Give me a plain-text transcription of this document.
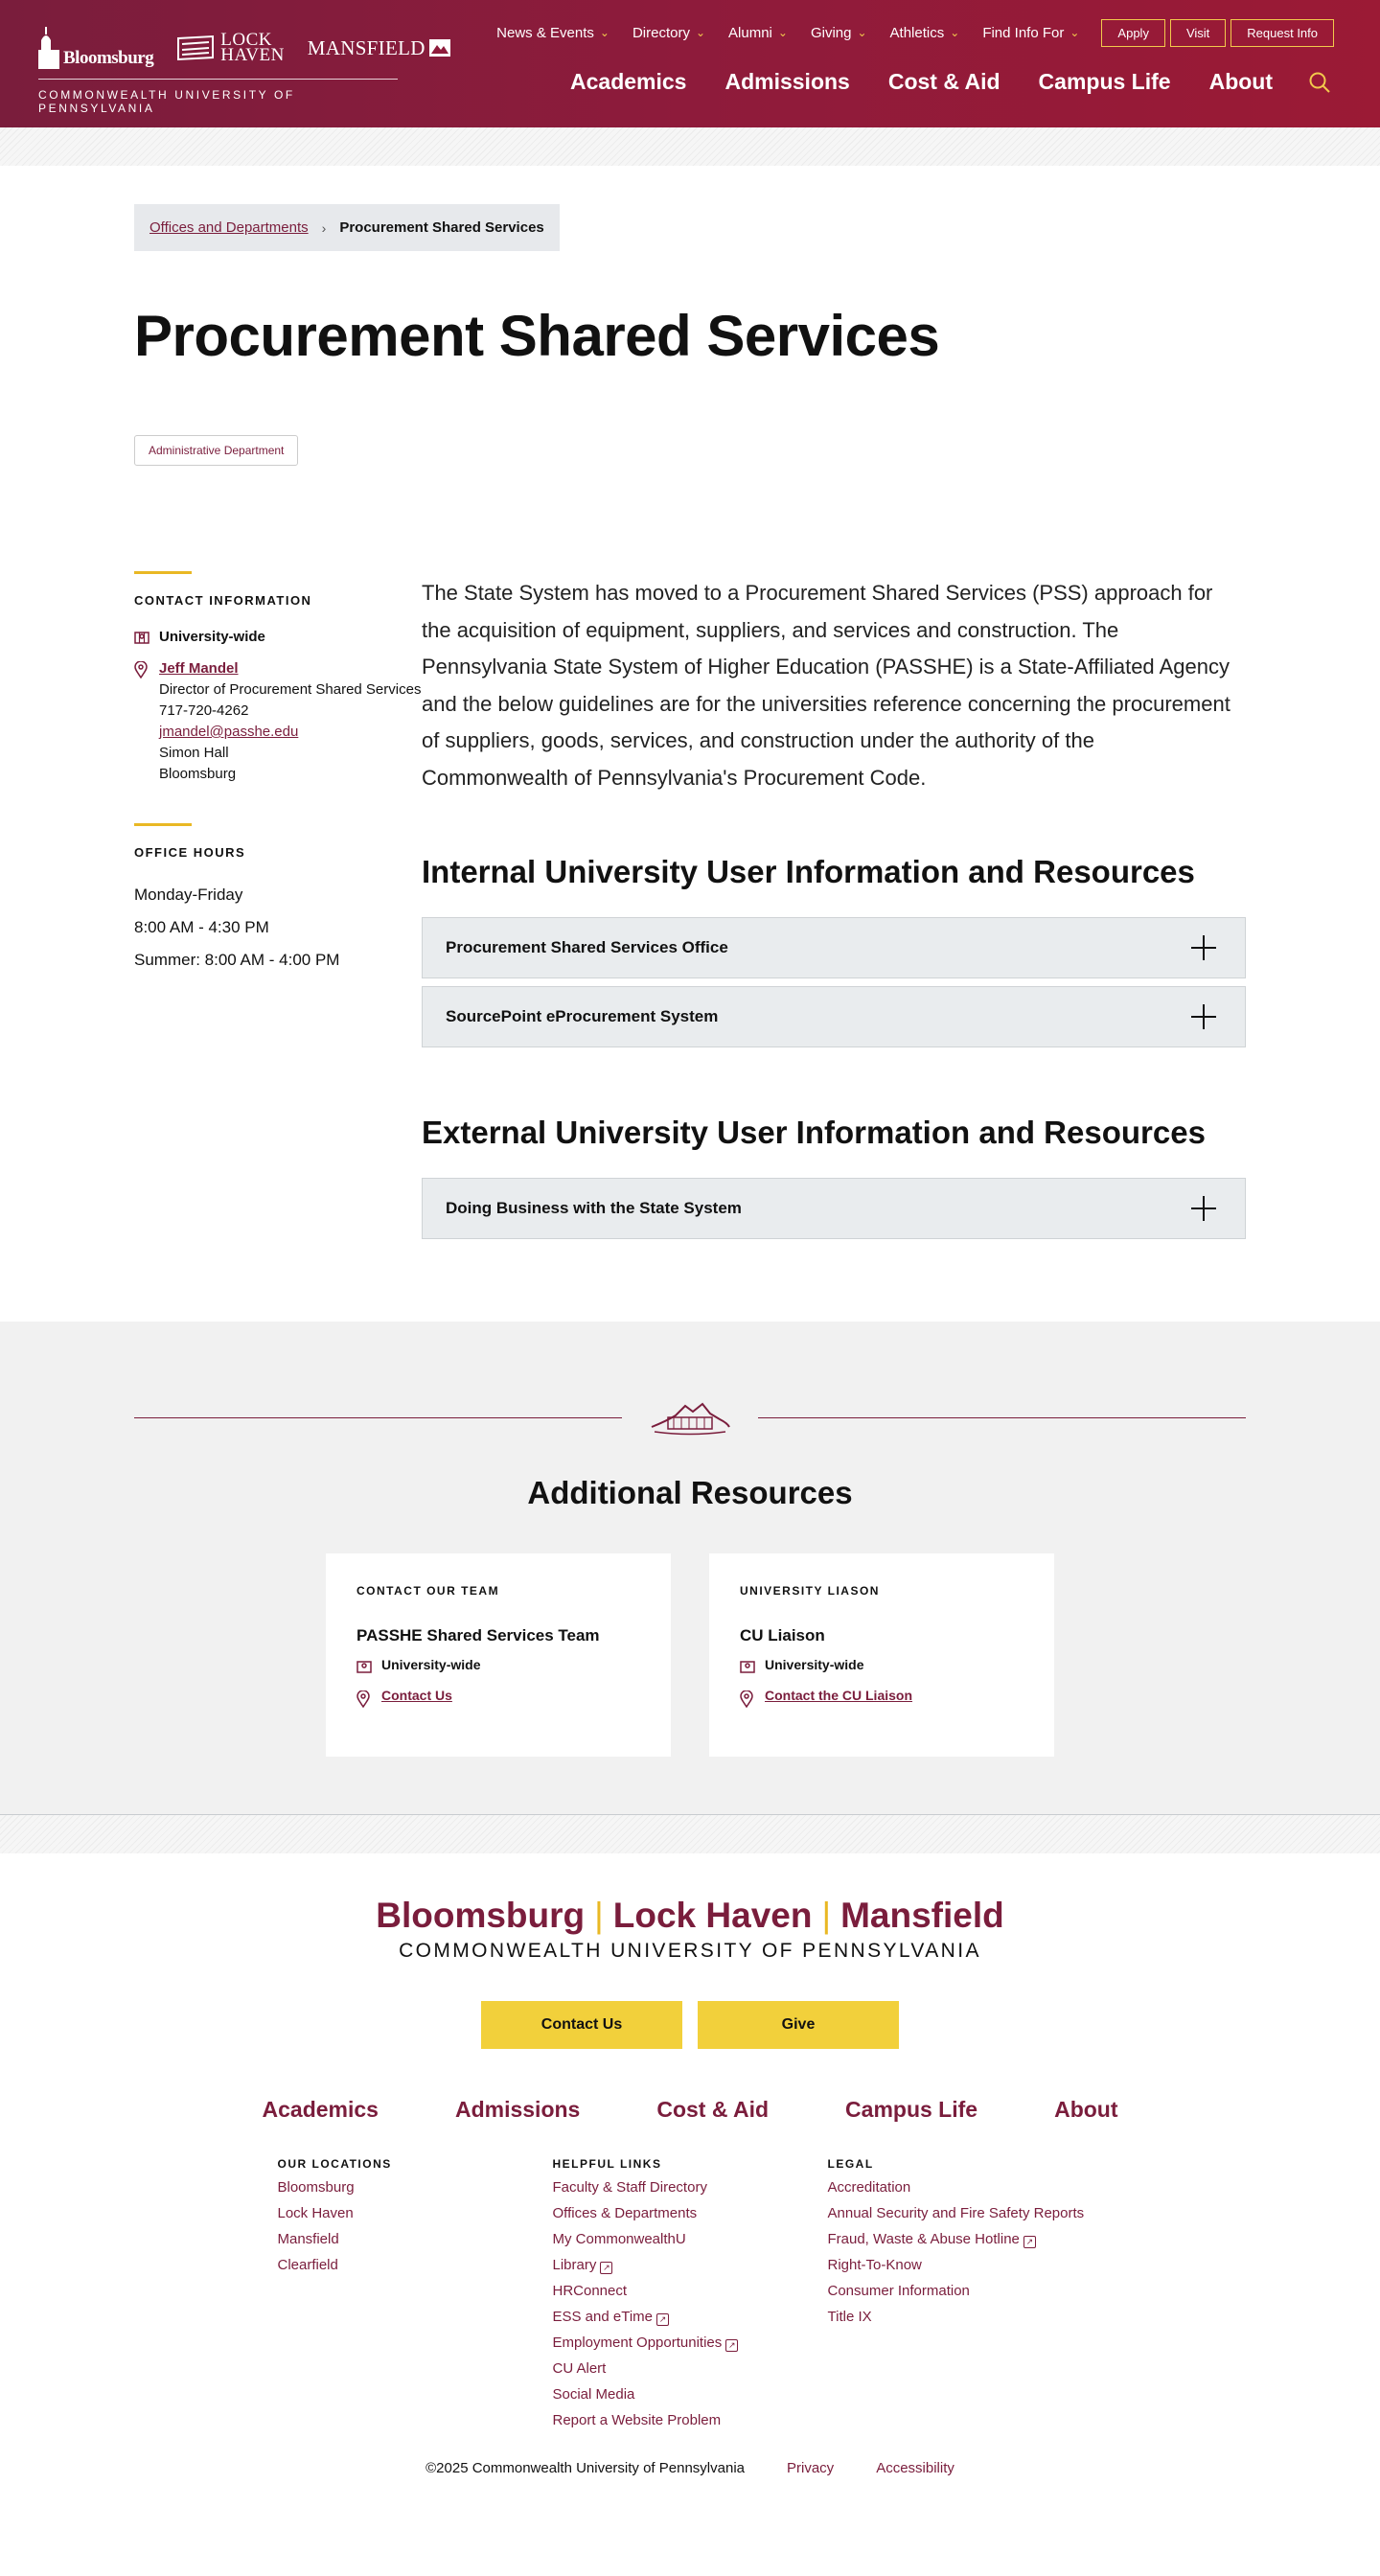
Bloomsburg
LOCK
HAVEN MANSFIELD
COMMONWEALTH UNIVERSITY OF PENNSYLVANIA
News & Events ⌄ Directory ⌄ Alumni ⌄ Giving ⌄ Athletics ⌄ Find Info For ⌄	Apply	Visit	Request Info
Academics Admissions Cost & Aid Campus Life About
Offices and Departments › Procurement Shared Services
Procurement Shared Services
Administrative Department
CONTACT INFORMATION
University-wide
Jeff Mandel
Director of Procurement Shared Services
717-720-4262
jmandel@passhe.edu
Simon Hall
Bloomsburg
OFFICE HOURS
Monday-Friday
8:00 AM - 4:30 PM
Summer: 8:00 AM - 4:00 PM

The State System has moved to a Procurement Shared Services (PSS) approach for the acquisition of equipment, suppliers, and services and construction. The Pennsylvania State System of Higher Education (PASSHE) is a State-Affiliated Agency and the below guidelines are for the universities reference concerning the procurement of suppliers, goods, services, and construction under the authority of the Commonwealth of Pennsylvania's Procurement Code.

Internal University User Information and Resources
Procurement Shared Services Office
SourcePoint eProcurement System
External University User Information and Resources
Doing Business with the State System
Additional Resources
CONTACT OUR TEAM
PASSHE Shared Services Team
University-wide
Contact Us
UNIVERSITY LIASON
CU Liaison
University-wide
Contact the CU Liaison
Bloomsburg | Lock Haven | Mansfield
COMMONWEALTH UNIVERSITY OF PENNSYLVANIA
Contact Us	Give
Academics	Admissions	Cost & Aid	Campus Life	About
OUR LOCATIONS
Bloomsburg
Lock Haven
Mansfield
Clearfield
HELPFUL LINKS
Faculty & Staff Directory
Offices & Departments
My CommonwealthU
Library ↗
HRConnect
ESS and eTime ↗
Employment Opportunities ↗
CU Alert
Social Media
Report a Website Problem
LEGAL
Accreditation
Annual Security and Fire Safety Reports
Fraud, Waste & Abuse Hotline ↗
Right-To-Know
Consumer Information
Title IX
©2025 Commonwealth University of Pennsylvania	Privacy	Accessibility
